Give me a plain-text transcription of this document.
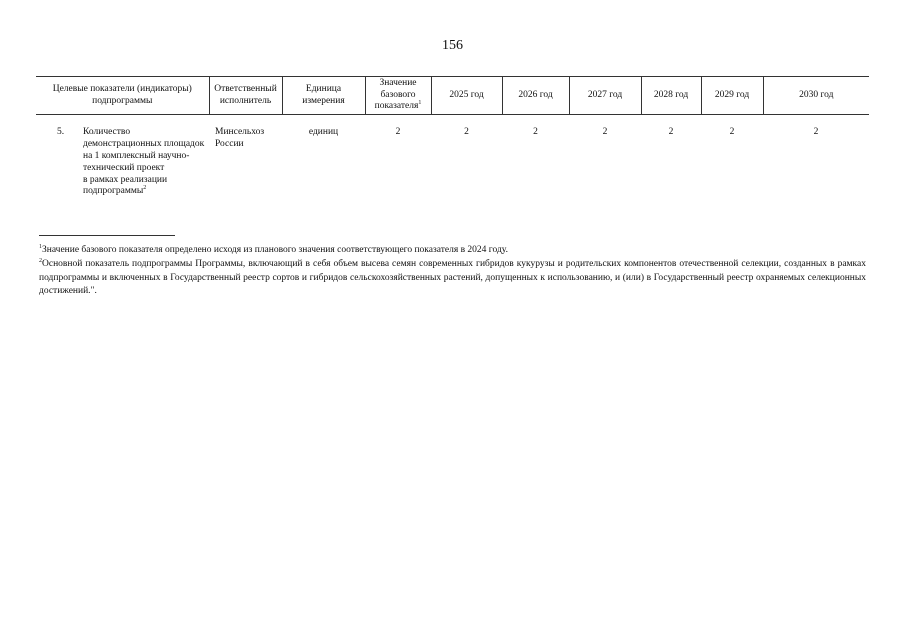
156
Целевые показатели (индикаторы) подпрограммы	Ответственный исполнитель	Единица измерения	Значение базового показателя$^1$	2025 год	2026 год	2027 год	2028 год	2029 год	2030 год

5. Количество демонстрационных площадок
на 1 комплексный научно-технический проект
в рамках реализации подпрограммы$^2$	Минсельхоз России	единиц	2	2	2	2	2	2	2
$^1$Значение базового показателя определено исходя из планового значения соответствующего показателя в 2024 году.
$^2$Основной показатель подпрограммы Программы, включающий в себя объем высева семян современных гибридов кукурузы и родительских компонентов отечественной селекции, созданных в рамках подпрограммы и включенных в Государственный реестр сортов и гибридов сельскохозяйственных растений, допущенных к использованию, и (или) в Государственный реестр охраняемых селекционных достижений.".
